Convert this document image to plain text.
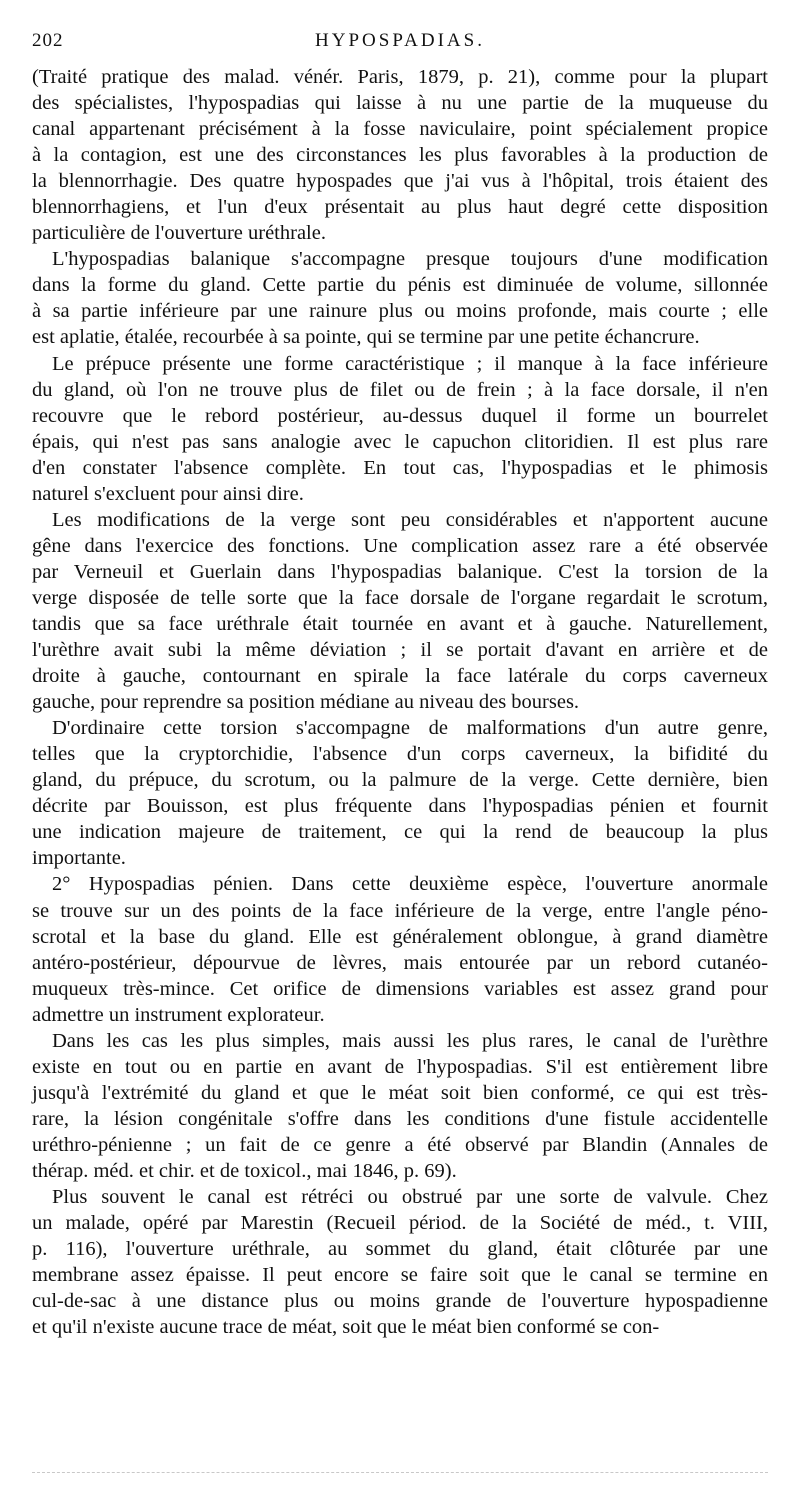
202	HYPOSPADIAS.

(Traité pratique des malad. vénér. Paris, 1879, p. 21), comme pour la plupart
des spécialistes, l'hypospadias qui laisse à nu une partie de la muqueuse du
canal appartenant précisément à la fosse naviculaire, point spécialement propice
à la contagion, est une des circonstances les plus favorables à la production de
la blennorrhagie. Des quatre hypospades que j'ai vus à l'hôpital, trois étaient des
blennorrhagiens, et l'un d'eux présentait au plus haut degré cette disposition
particulière de l'ouverture uréthrale.

L'hypospadias balanique s'accompagne presque toujours d'une modification
dans la forme du gland. Cette partie du pénis est diminuée de volume, sillonnée
à sa partie inférieure par une rainure plus ou moins profonde, mais courte ; elle
est aplatie, étalée, recourbée à sa pointe, qui se termine par une petite échancrure.

Le prépuce présente une forme caractéristique ; il manque à la face inférieure
du gland, où l'on ne trouve plus de filet ou de frein ; à la face dorsale, il n'en
recouvre que le rebord postérieur, au-dessus duquel il forme un bourrelet
épais, qui n'est pas sans analogie avec le capuchon clitoridien. Il est plus rare
d'en constater l'absence complète. En tout cas, l'hypospadias et le phimosis
naturel s'excluent pour ainsi dire.

Les modifications de la verge sont peu considérables et n'apportent aucune
gêne dans l'exercice des fonctions. Une complication assez rare a été observée
par Verneuil et Guerlain dans l'hypospadias balanique. C'est la torsion de la
verge disposée de telle sorte que la face dorsale de l'organe regardait le scrotum,
tandis que sa face uréthrale était tournée en avant et à gauche. Naturellement,
l'urèthre avait subi la même déviation ; il se portait d'avant en arrière et de
droite à gauche, contournant en spirale la face latérale du corps caverneux
gauche, pour reprendre sa position médiane au niveau des bourses.

D'ordinaire cette torsion s'accompagne de malformations d'un autre genre,
telles que la cryptorchidie, l'absence d'un corps caverneux, la bifidité du
gland, du prépuce, du scrotum, ou la palmure de la verge. Cette dernière, bien
décrite par Bouisson, est plus fréquente dans l'hypospadias pénien et fournit
une indication majeure de traitement, ce qui la rend de beaucoup la plus
importante.

2° Hypospadias pénien. Dans cette deuxième espèce, l'ouverture anormale
se trouve sur un des points de la face inférieure de la verge, entre l'angle péno-
scrotal et la base du gland. Elle est généralement oblongue, à grand diamètre
antéro-postérieur, dépourvue de lèvres, mais entourée par un rebord cutanéo-
muqueux très-mince. Cet orifice de dimensions variables est assez grand pour
admettre un instrument explorateur.

Dans les cas les plus simples, mais aussi les plus rares, le canal de l'urèthre
existe en tout ou en partie en avant de l'hypospadias. S'il est entièrement libre
jusqu'à l'extrémité du gland et que le méat soit bien conformé, ce qui est très-
rare, la lésion congénitale s'offre dans les conditions d'une fistule accidentelle
uréthro-pénienne ; un fait de ce genre a été observé par Blandin (Annales de
thérap. méd. et chir. et de toxicol., mai 1846, p. 69).

Plus souvent le canal est rétréci ou obstrué par une sorte de valvule. Chez
un malade, opéré par Marestin (Recueil périod. de la Société de méd., t. VIII,
p. 116), l'ouverture uréthrale, au sommet du gland, était clôturée par une
membrane assez épaisse. Il peut encore se faire soit que le canal se termine en
cul-de-sac à une distance plus ou moins grande de l'ouverture hypospadienne
et qu'il n'existe aucune trace de méat, soit que le méat bien conformé se con-
